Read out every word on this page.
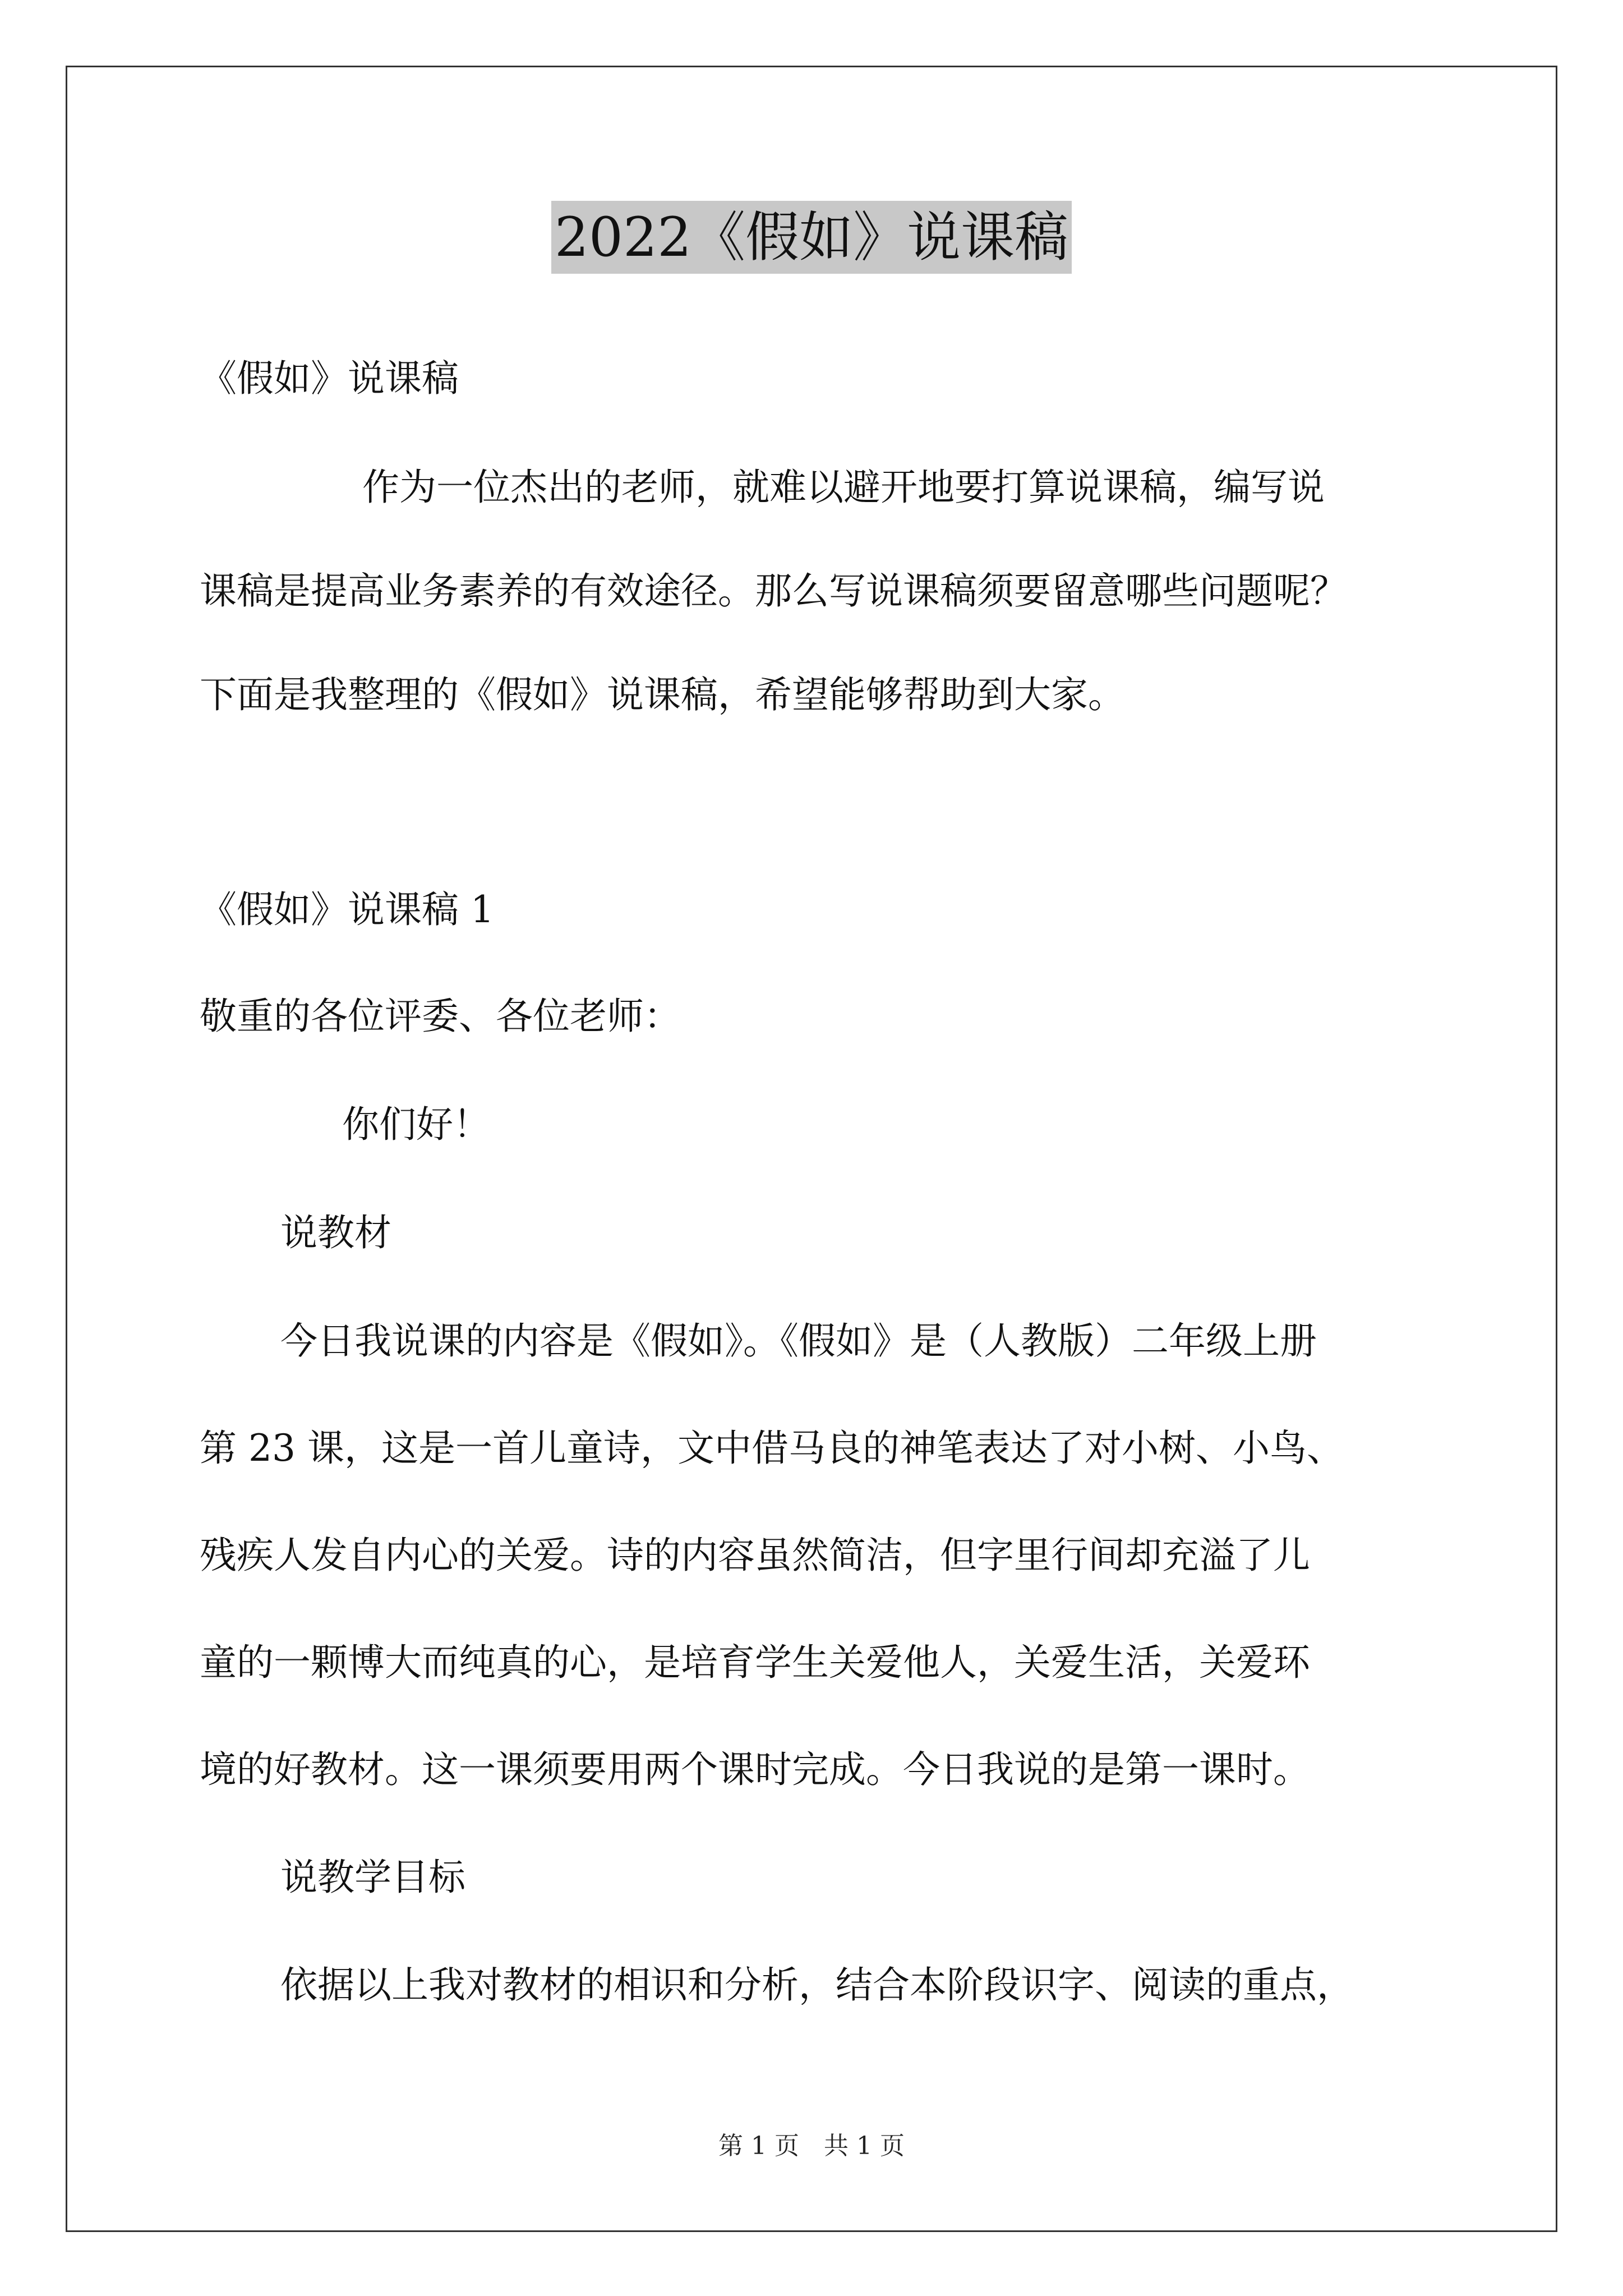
2022《假如》说课稿
《假如》说课稿
作为一位杰出的老师，就难以避开地要打算说课稿，编写说
课稿是提高业务素养的有效途径。那么写说课稿须要留意哪些问题呢？
下面是我整理的《假如》说课稿，希望能够帮助到大家。
《假如》说课稿 1
敬重的各位评委、各位老师：
你们好！
说教材
今日我说课的内容是《假如》。《假如》是（人教版）二年级上册
第 23 课，这是一首儿童诗，文中借马良的神笔表达了对小树、小鸟、
残疾人发自内心的关爱。诗的内容虽然简洁，但字里行间却充溢了儿
童的一颗博大而纯真的心，是培育学生关爱他人，关爱生活，关爱环
境的好教材。这一课须要用两个课时完成。今日我说的是第一课时。
说教学目标
依据以上我对教材的相识和分析，结合本阶段识字、阅读的重点，
第 1 页　共 1 页
